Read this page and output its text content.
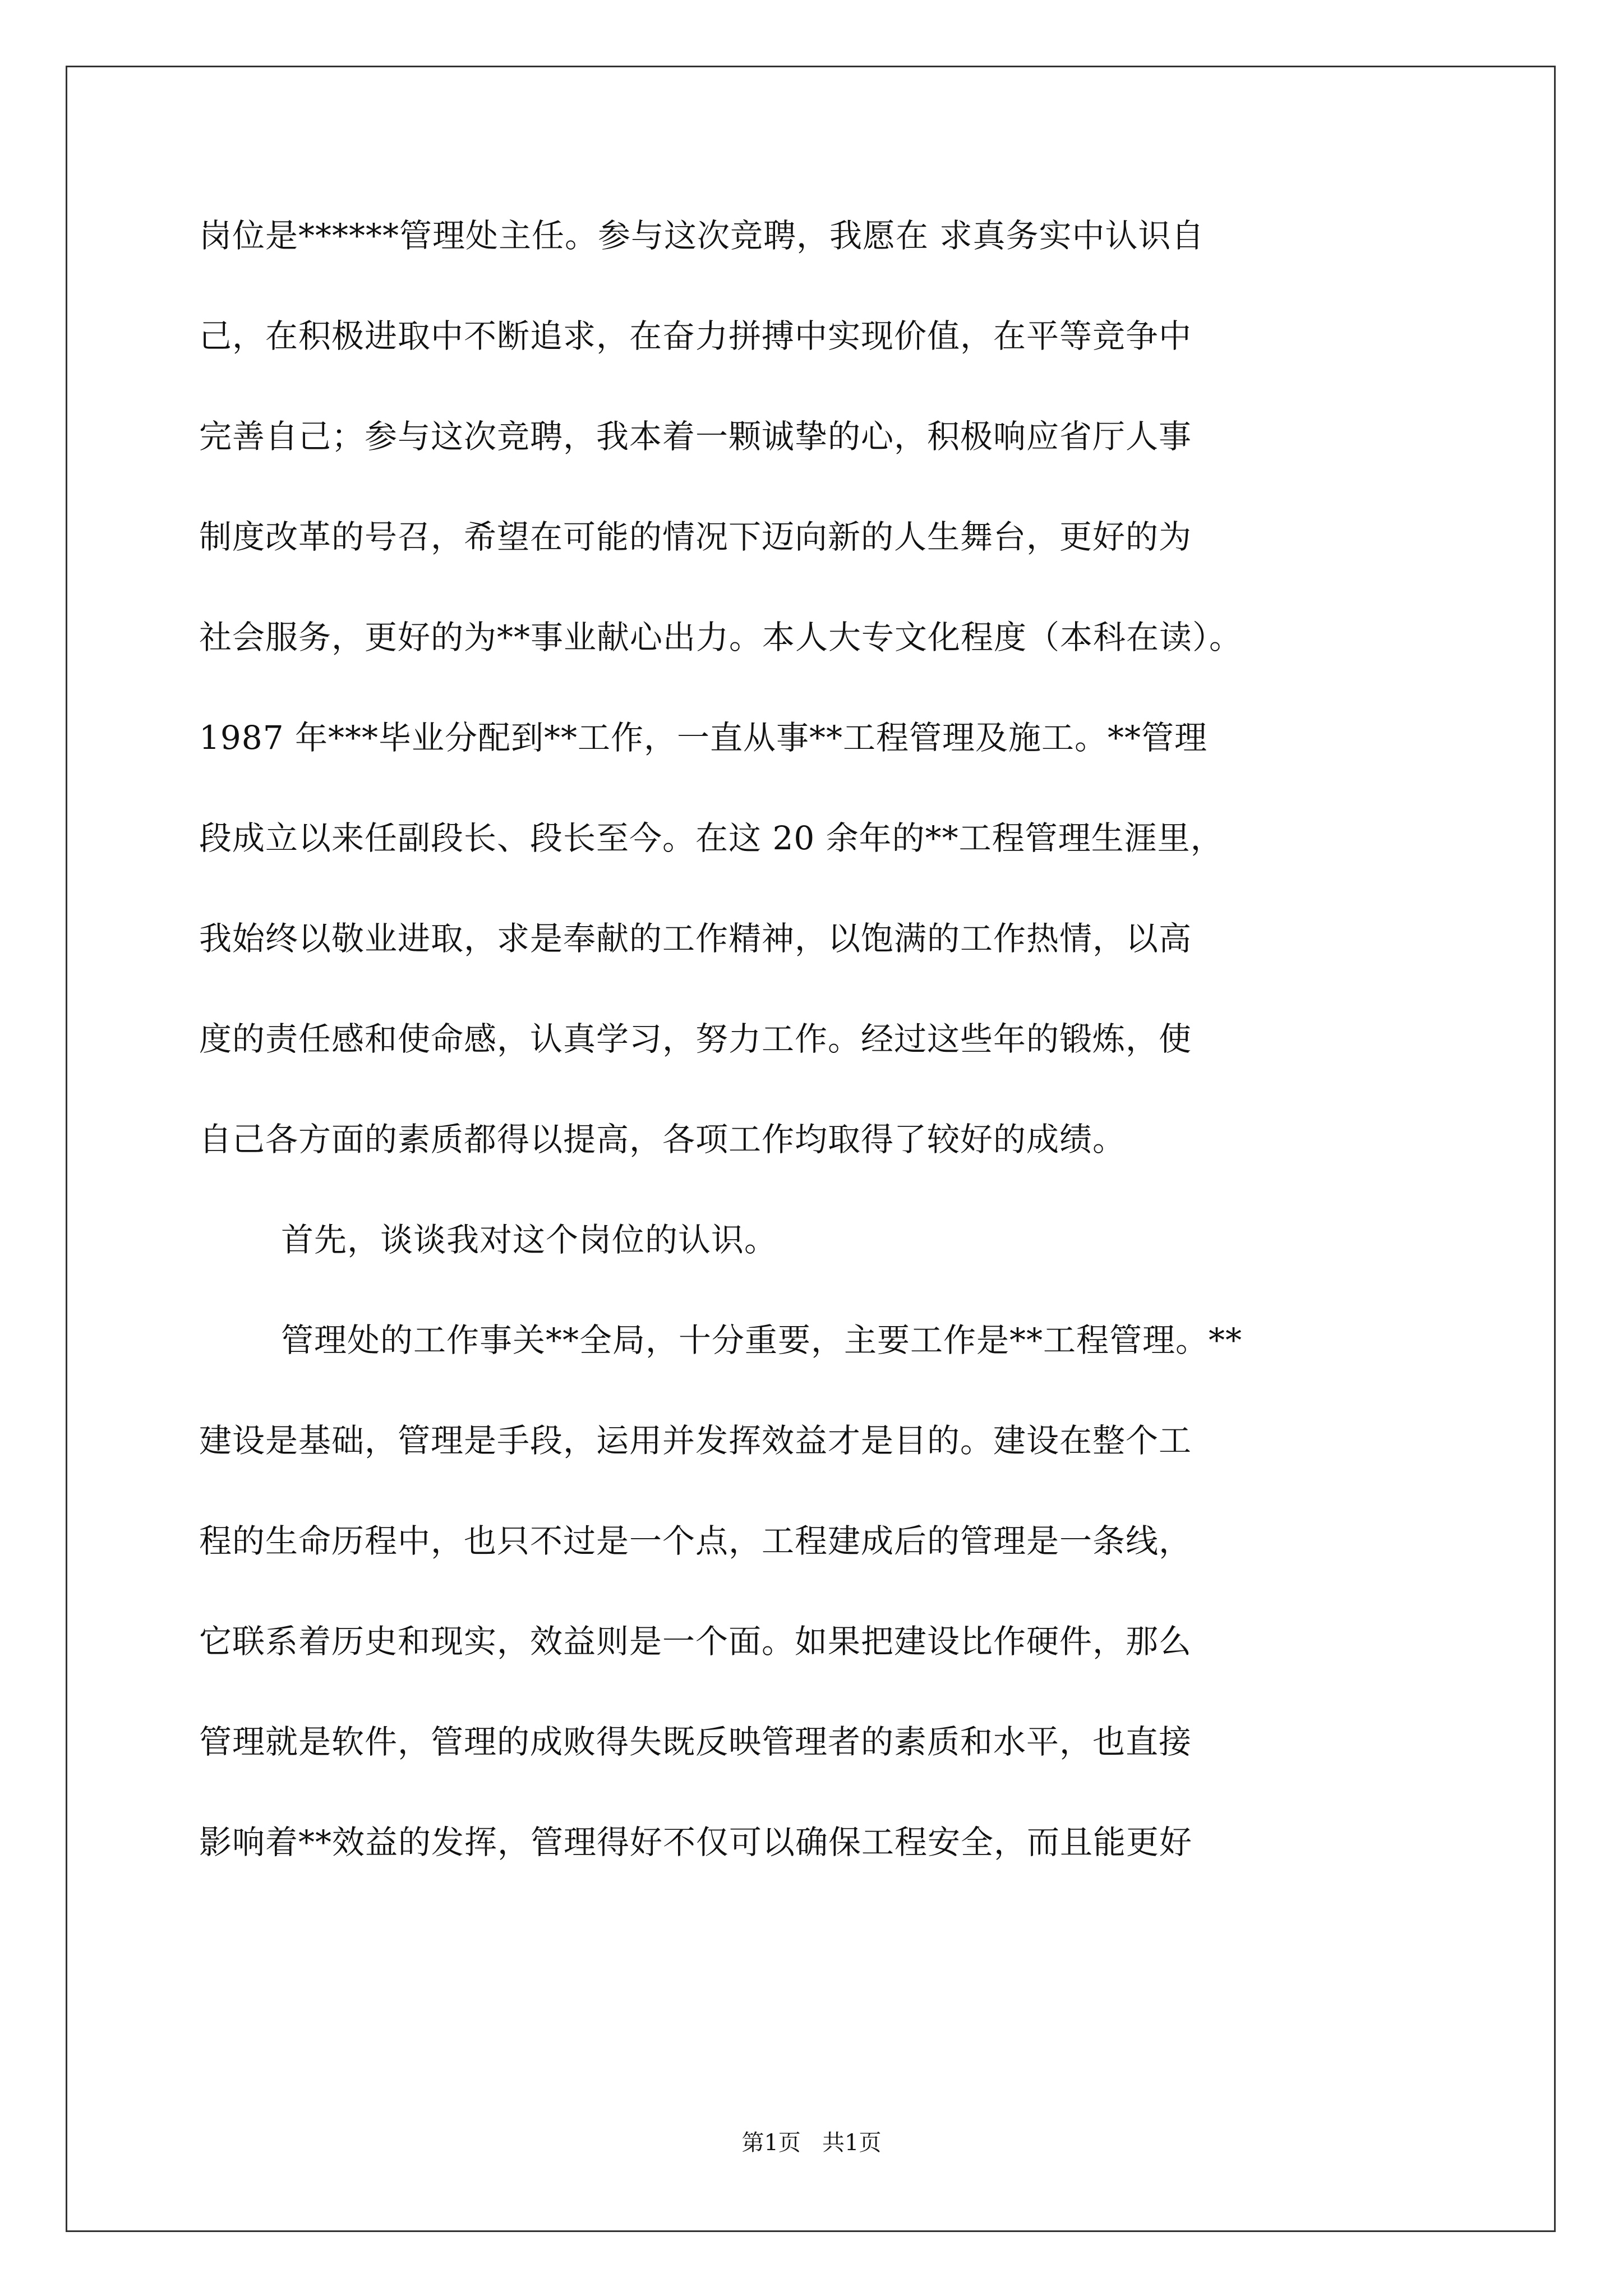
岗位是******管理处主任。参与这次竞聘，我愿在 求真务实中认识自
己，在积极进取中不断追求，在奋力拼搏中实现价值，在平等竞争中
完善自己；参与这次竞聘，我本着一颗诚挚的心，积极响应省厅人事
制度改革的号召，希望在可能的情况下迈向新的人生舞台，更好的为
社会服务，更好的为**事业献心出力。本人大专文化程度（本科在读）。
1987 年***毕业分配到**工作，一直从事**工程管理及施工。**管理
段成立以来任副段长、段长至今。在这 20 余年的**工程管理生涯里，
我始终以敬业进取，求是奉献的工作精神，以饱满的工作热情，以高
度的责任感和使命感，认真学习，努力工作。经过这些年的锻炼，使
自己各方面的素质都得以提高，各项工作均取得了较好的成绩。
首先，谈谈我对这个岗位的认识。
管理处的工作事关**全局，十分重要，主要工作是**工程管理。**
建设是基础，管理是手段，运用并发挥效益才是目的。建设在整个工
程的生命历程中，也只不过是一个点，工程建成后的管理是一条线，
它联系着历史和现实，效益则是一个面。如果把建设比作硬件，那么
管理就是软件，管理的成败得失既反映管理者的素质和水平，也直接
影响着**效益的发挥，管理得好不仅可以确保工程安全，而且能更好
第1页   共1页
